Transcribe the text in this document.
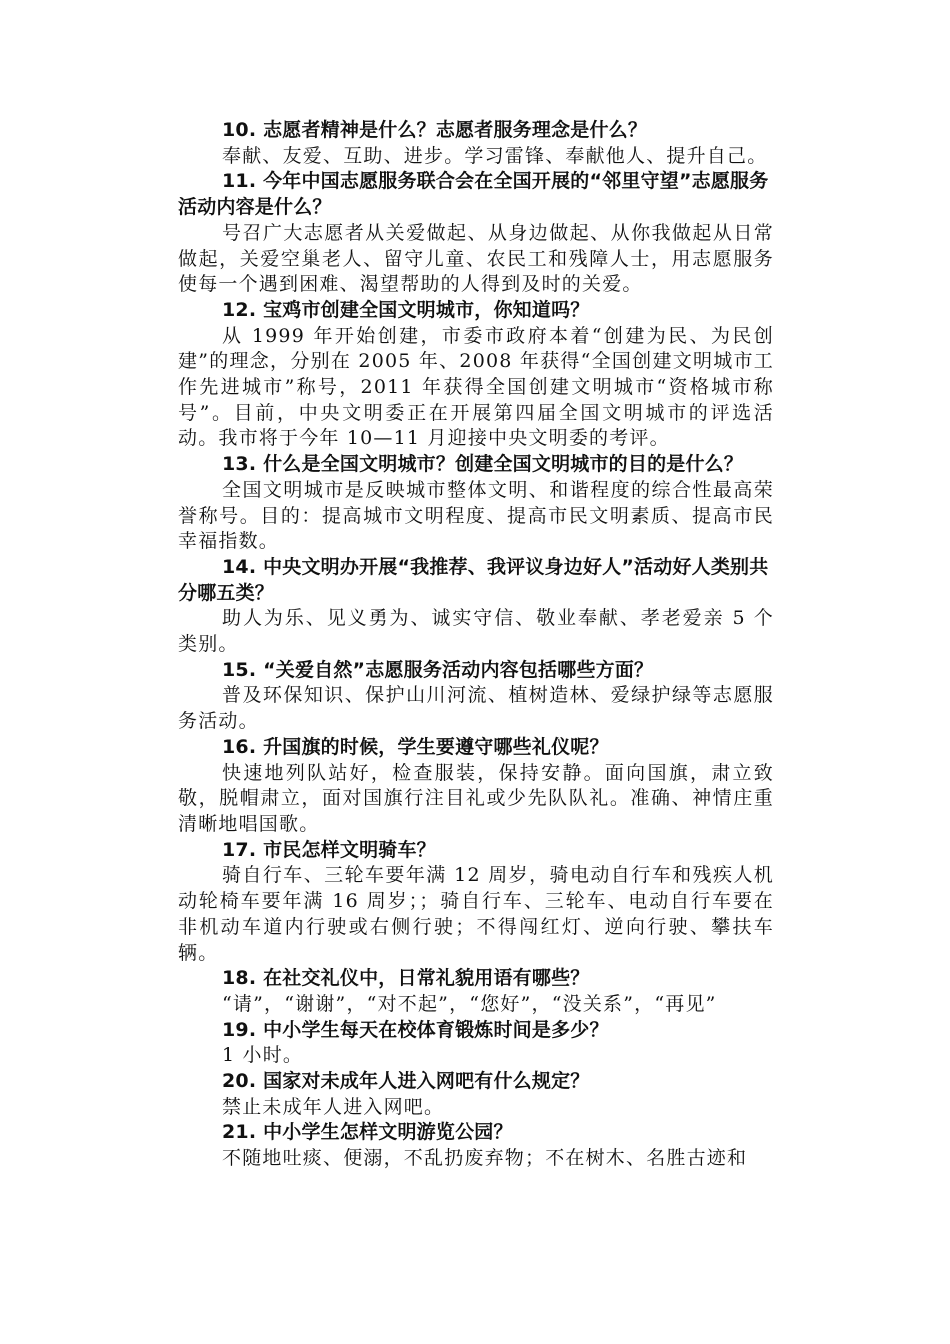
10. 志愿者精神是什么？志愿者服务理念是什么？

奉献、友爱、互助、进步。学习雷锋、奉献他人、提升自己。

11. 今年中国志愿服务联合会在全国开展的“邻里守望”志愿服务活动内容是什么？

号召广大志愿者从关爱做起、从身边做起、从你我做起从日常做起，关爱空巢老人、留守儿童、农民工和残障人士，用志愿服务使每一个遇到困难、渴望帮助的人得到及时的关爱。

12. 宝鸡市创建全国文明城市，你知道吗？

从 1999 年开始创建，市委市政府本着“创建为民、为民创建”的理念，分别在 2005 年、2008 年获得“全国创建文明城市工作先进城市”称号，2011 年获得全国创建文明城市“资格城市称号”。目前，中央文明委正在开展第四届全国文明城市的评选活动。我市将于今年 10—11 月迎接中央文明委的考评。

13. 什么是全国文明城市？创建全国文明城市的目的是什么？

全国文明城市是反映城市整体文明、和谐程度的综合性最高荣誉称号。目的：提高城市文明程度、提高市民文明素质、提高市民幸福指数。

14. 中央文明办开展“我推荐、我评议身边好人”活动好人类别共分哪五类？

助人为乐、见义勇为、诚实守信、敬业奉献、孝老爱亲 5 个类别。

15. “关爱自然”志愿服务活动内容包括哪些方面？

普及环保知识、保护山川河流、植树造林、爱绿护绿等志愿服务活动。

16. 升国旗的时候，学生要遵守哪些礼仪呢？

快速地列队站好，检查服装，保持安静。面向国旗，肃立致敬，脱帽肃立，面对国旗行注目礼或少先队队礼。准确、神情庄重清晰地唱国歌。

17. 市民怎样文明骑车？

骑自行车、三轮车要年满 12 周岁，骑电动自行车和残疾人机动轮椅车要年满 16 周岁；；骑自行车、三轮车、电动自行车要在非机动车道内行驶或右侧行驶；不得闯红灯、逆向行驶、攀扶车辆。

18. 在社交礼仪中，日常礼貌用语有哪些？

“请”，“谢谢”，“对不起”，“您好”，“没关系”，“再见”

19. 中小学生每天在校体育锻炼时间是多少？

1 小时。

20. 国家对未成年人进入网吧有什么规定？

禁止未成年人进入网吧。

21. 中小学生怎样文明游览公园？

不随地吐痰、便溺，不乱扔废弃物；不在树木、名胜古迹和
